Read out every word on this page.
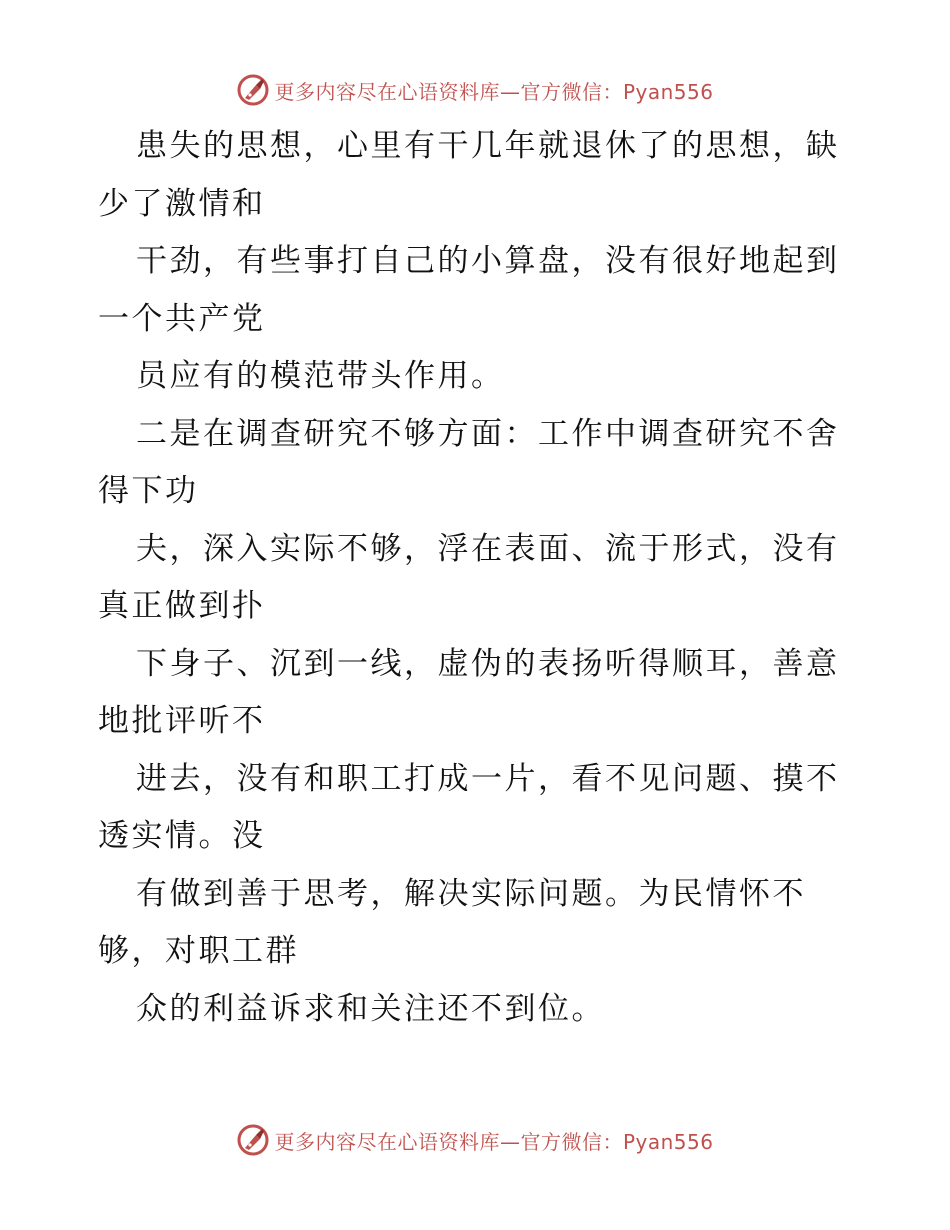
更多内容尽在心语资料库—官方微信：Pyan556
患失的思想，心里有干几年就退休了的思想，缺
少了激情和
干劲，有些事打自己的小算盘，没有很好地起到
一个共产党
员应有的模范带头作用。
二是在调查研究不够方面：工作中调查研究不舍
得下功
夫，深入实际不够，浮在表面、流于形式，没有
真正做到扑
下身子、沉到一线，虚伪的表扬听得顺耳，善意
地批评听不
进去，没有和职工打成一片，看不见问题、摸不
透实情。没
有做到善于思考，解决实际问题。为民情怀不
够，对职工群
众的利益诉求和关注还不到位。
更多内容尽在心语资料库—官方微信：Pyan556
